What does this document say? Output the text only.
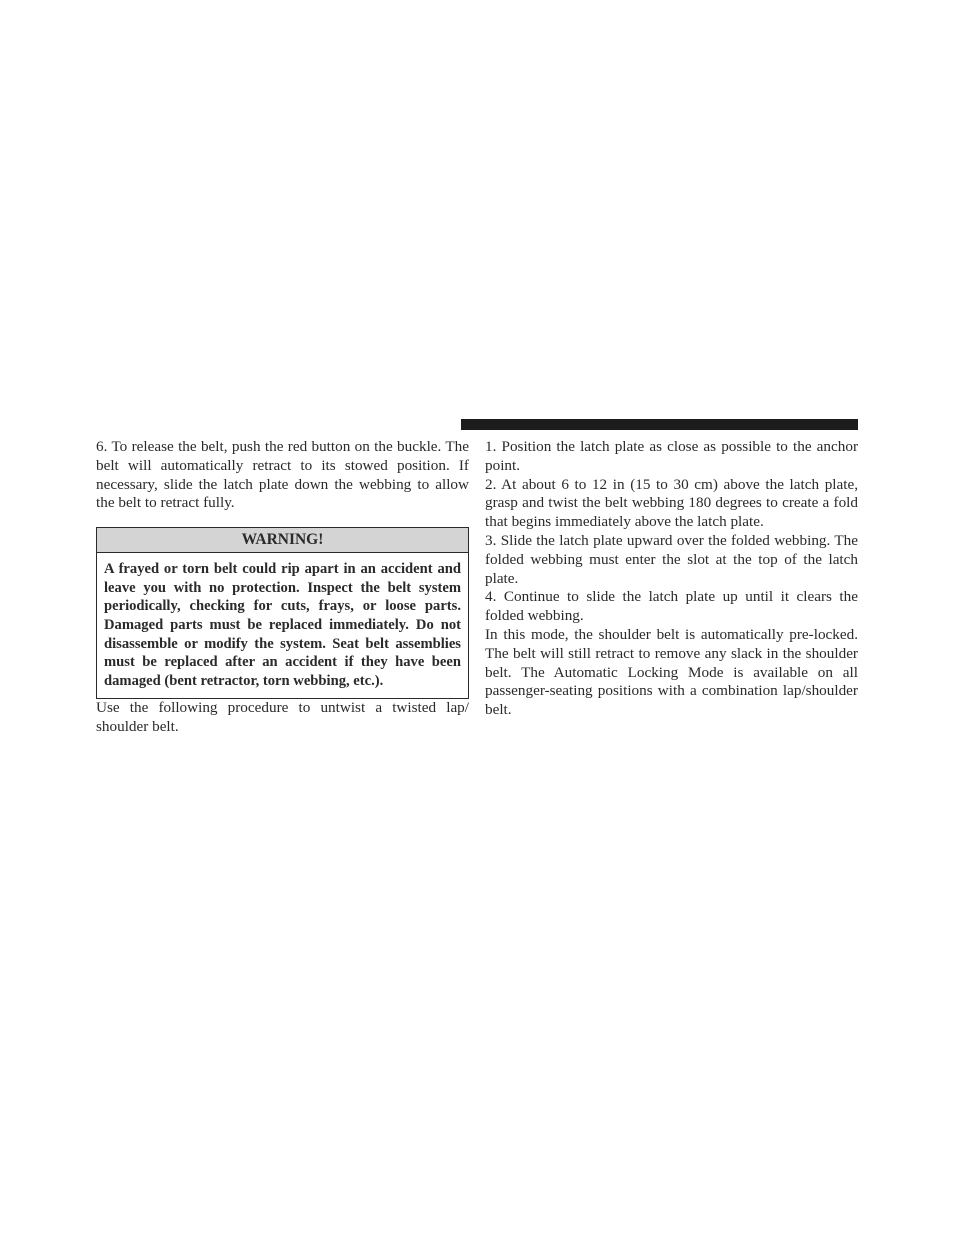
6. To release the belt, push the red button on the buckle. The belt will automatically retract to its stowed position. If necessary, slide the latch plate down the webbing to allow the belt to retract fully.

WARNING!
A frayed or torn belt could rip apart in an accident and leave you with no protection. Inspect the belt system periodically, checking for cuts, frays, or loose parts. Damaged parts must be replaced immediately. Do not disassemble or modify the system. Seat belt assemblies must be replaced after an accident if they have been damaged (bent retractor, torn webbing, etc.).

Use the following procedure to untwist a twisted lap/ shoulder belt.

1. Position the latch plate as close as possible to the anchor point.

2. At about 6 to 12 in (15 to 30 cm) above the latch plate, grasp and twist the belt webbing 180 degrees to create a fold that begins immediately above the latch plate.

3. Slide the latch plate upward over the folded webbing. The folded webbing must enter the slot at the top of the latch plate.

4. Continue to slide the latch plate up until it clears the folded webbing.

In this mode, the shoulder belt is automatically pre-locked. The belt will still retract to remove any slack in the shoulder belt. The Automatic Locking Mode is available on all passenger-seating positions with a combination lap/shoulder belt.
